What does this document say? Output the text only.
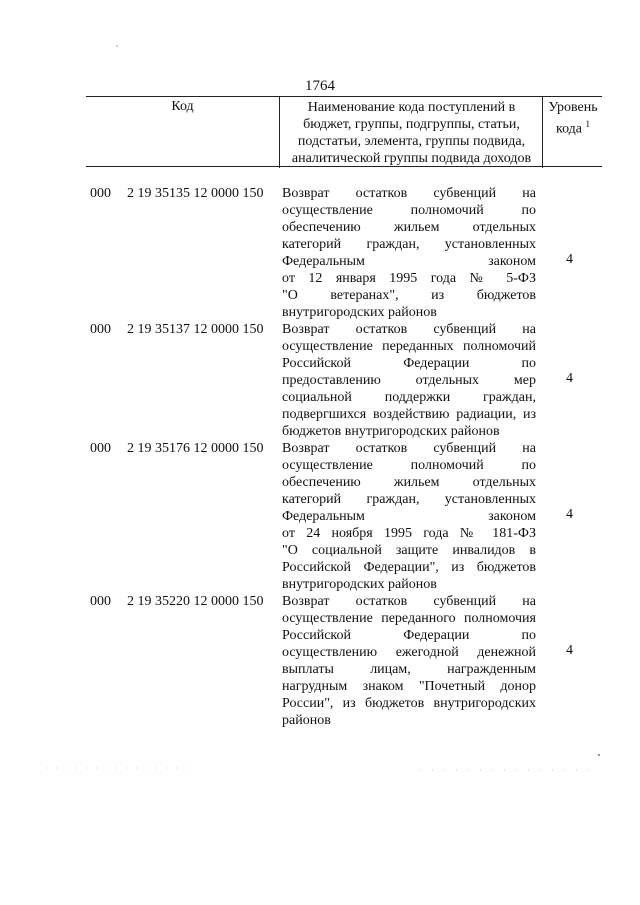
1764
Код	Наименование кода поступлений в
бюджет, группы, подгруппы, статьи,
подстатьи, элемента, группы подвида,
аналитической группы подвида доходов
Уровень
кода $^1$
000 2 19 35135 12 0000 150 Возврат остатков субвенций на
осуществление полномочий по
обеспечению жильем отдельных
категорий граждан, установленных
Федеральным законом
от 12 января 1995 года № 5-ФЗ
"О ветеранах", из бюджетов
внутригородских районов
4
000 2 19 35137 12 0000 150 Возврат остатков субвенций на
осуществление переданных полномочий
Российской Федерации по
предоставлению отдельных мер
социальной поддержки граждан,
подвергшихся воздействию радиации, из
бюджетов внутригородских районов
4
000 2 19 35176 12 0000 150 Возврат остатков субвенций на
осуществление полномочий по
обеспечению жильем отдельных
категорий граждан, установленных
Федеральным законом
от 24 ноября 1995 года № 181-ФЗ
"О социальной защите инвалидов в
Российской Федерации", из бюджетов
внутригородских районов
4
000 2 19 35220 12 0000 150 Возврат остатков субвенций на
осуществление переданного полномочия
Российской Федерации по
осуществлению ежегодной денежной
выплаты лицам, награжденным
нагрудным знаком "Почетный донор
России", из бюджетов внутригородских
районов
4
